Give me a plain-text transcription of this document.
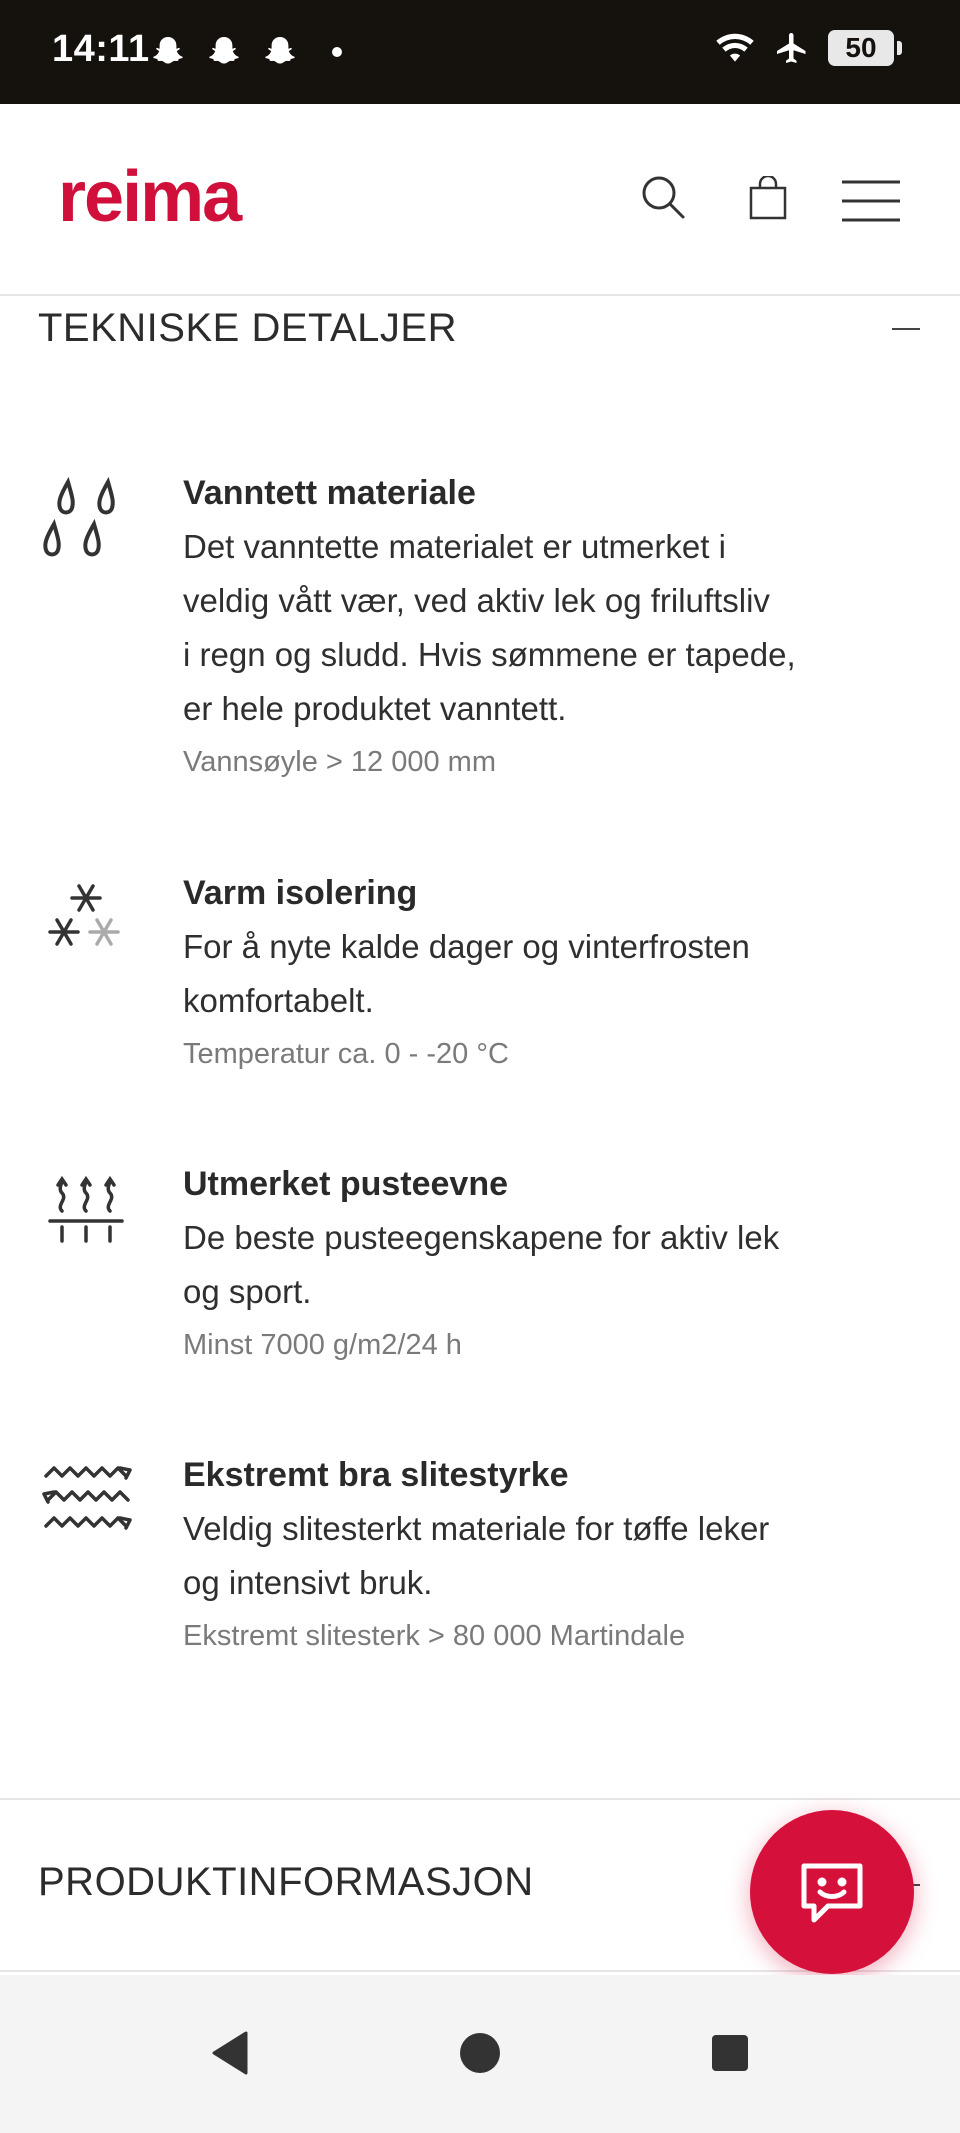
14:11	50
reima
TEKNISKE DETALJER

Vanntett materiale

Det vanntette materialet er utmerket i
veldig vått vær, ved aktiv lek og friluftsliv
i regn og sludd. Hvis sømmene er tapede,
er hele produktet vanntett.

Vannsøyle > 12 000 mm

Varm isolering

For å nyte kalde dager og vinterfrosten
komfortabelt.

Temperatur ca. 0 - -20 °C

Utmerket pusteevne

De beste pusteegenskapene for aktiv lek
og sport.

Minst 7000 g/m2/24 h

Ekstremt bra slitestyrke

Veldig slitesterkt materiale for tøffe leker
og intensivt bruk.

Ekstremt slitesterk > 80 000 Martindale

PRODUKTINFORMASJON
